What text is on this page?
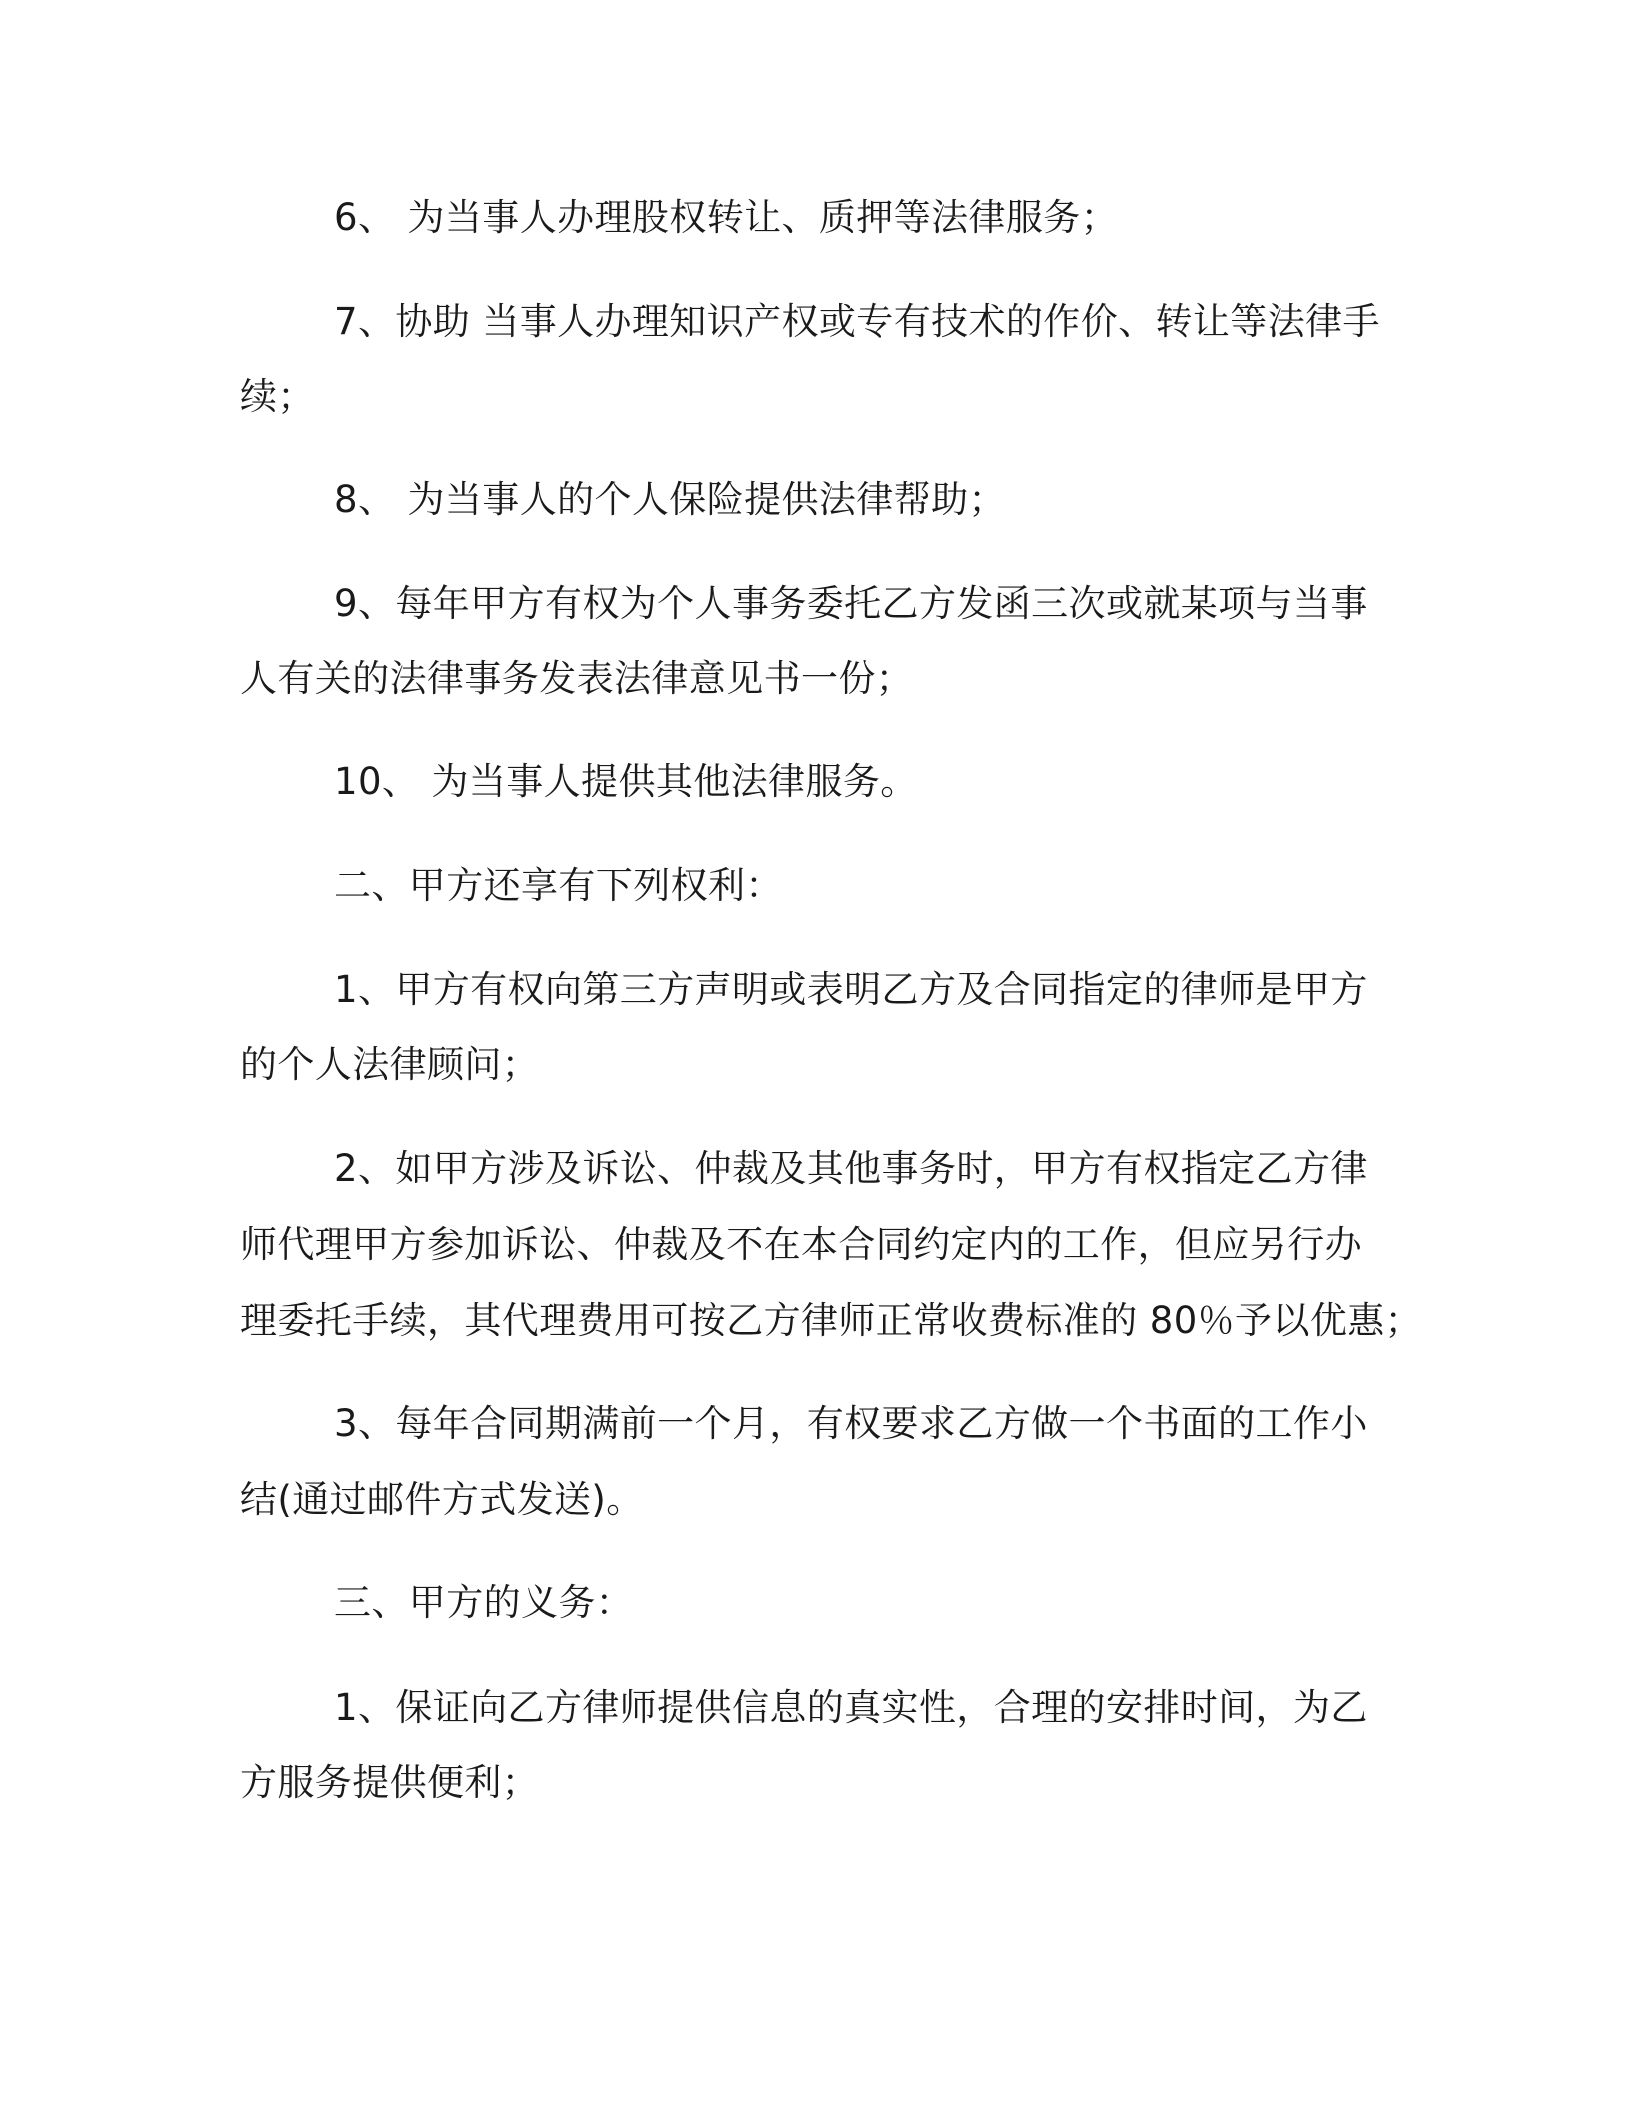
6、 为当事人办理股权转让、质押等法律服务；

7、协助 当事人办理知识产权或专有技术的作价、转让等法律手

续；

8、 为当事人的个人保险提供法律帮助；

9、每年甲方有权为个人事务委托乙方发函三次或就某项与当事

人有关的法律事务发表法律意见书一份；

10、 为当事人提供其他法律服务。

二、甲方还享有下列权利：

1、甲方有权向第三方声明或表明乙方及合同指定的律师是甲方

的个人法律顾问；

2、如甲方涉及诉讼、仲裁及其他事务时，甲方有权指定乙方律

师代理甲方参加诉讼、仲裁及不在本合同约定内的工作，但应另行办

理委托手续，其代理费用可按乙方律师正常收费标准的 80％予以优惠；

3、每年合同期满前一个月，有权要求乙方做一个书面的工作小

结(通过邮件方式发送)。

三、甲方的义务：

1、保证向乙方律师提供信息的真实性，合理的安排时间，为乙

方服务提供便利；
